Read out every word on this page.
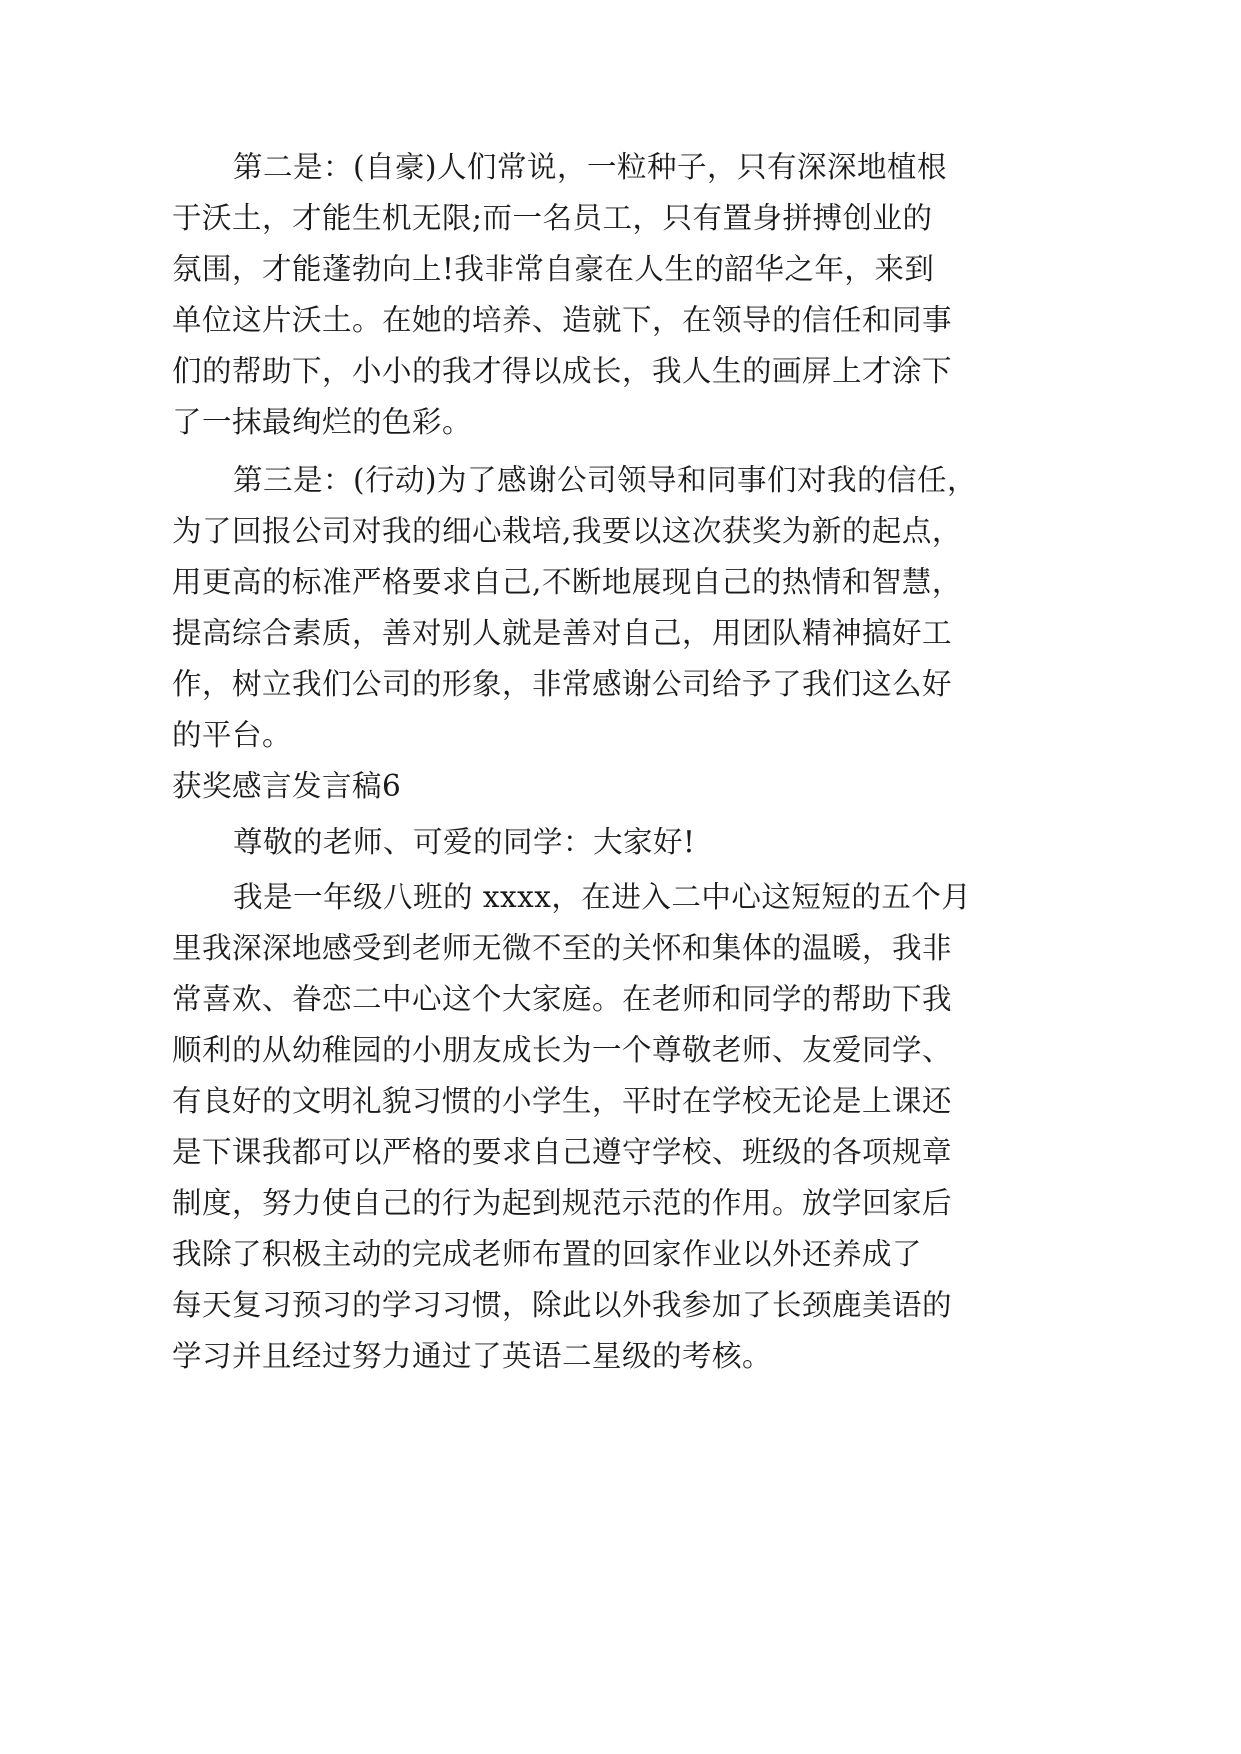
第二是：(自豪)人们常说，一粒种子，只有深深地植根
于沃土，才能生机无限;而一名员工，只有置身拼搏创业的
氛围，才能蓬勃向上!我非常自豪在人生的韶华之年，来到
单位这片沃土。在她的培养、造就下，在领导的信任和同事
们的帮助下，小小的我才得以成长，我人生的画屏上才涂下
了一抹最绚烂的色彩。
第三是：(行动)为了感谢公司领导和同事们对我的信任，
为了回报公司对我的细心栽培,我要以这次获奖为新的起点，
用更高的标准严格要求自己,不断地展现自己的热情和智慧，
提高综合素质，善对别人就是善对自己，用团队精神搞好工
作，树立我们公司的形象，非常感谢公司给予了我们这么好
的平台。
获奖感言发言稿6
尊敬的老师、可爱的同学：大家好!
我是一年级八班的 xxxx，在进入二中心这短短的五个月
里我深深地感受到老师无微不至的关怀和集体的温暖，我非
常喜欢、眷恋二中心这个大家庭。在老师和同学的帮助下我
顺利的从幼稚园的小朋友成长为一个尊敬老师、友爱同学、
有良好的文明礼貌习惯的小学生，平时在学校无论是上课还
是下课我都可以严格的要求自己遵守学校、班级的各项规章
制度，努力使自己的行为起到规范示范的作用。放学回家后
我除了积极主动的完成老师布置的回家作业以外还养成了
每天复习预习的学习习惯，除此以外我参加了长颈鹿美语的
学习并且经过努力通过了英语二星级的考核。
